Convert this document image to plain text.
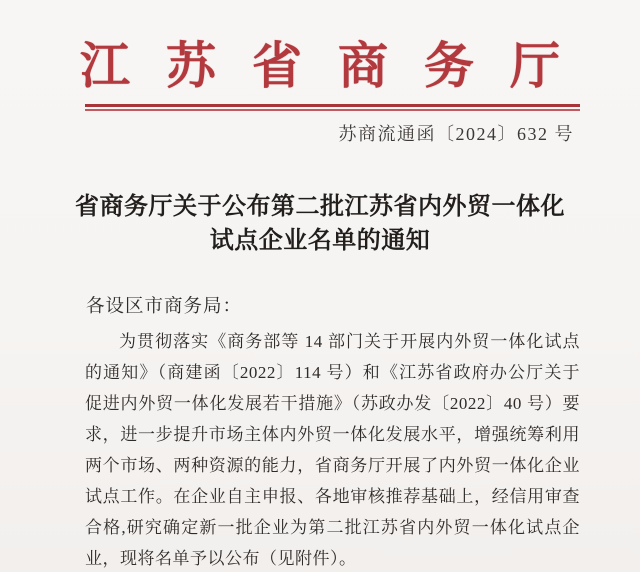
江苏省商务厅
苏商流通函〔2024〕632 号
省商务厅关于公布第二批江苏省内外贸一体化
试点企业名单的通知
各设区市商务局：
为贯彻落实《商务部等 14 部门关于开展内外贸一体化试点
的通知》（商建函〔2022〕114 号）和《江苏省政府办公厅关于
促进内外贸一体化发展若干措施》（苏政办发〔2022〕40 号）要
求，进一步提升市场主体内外贸一体化发展水平，增强统筹利用
两个市场、两种资源的能力，省商务厅开展了内外贸一体化企业
试点工作。在企业自主申报、各地审核推荐基础上，经信用审查
合格,研究确定新一批企业为第二批江苏省内外贸一体化试点企
业，现将名单予以公布（见附件）。
